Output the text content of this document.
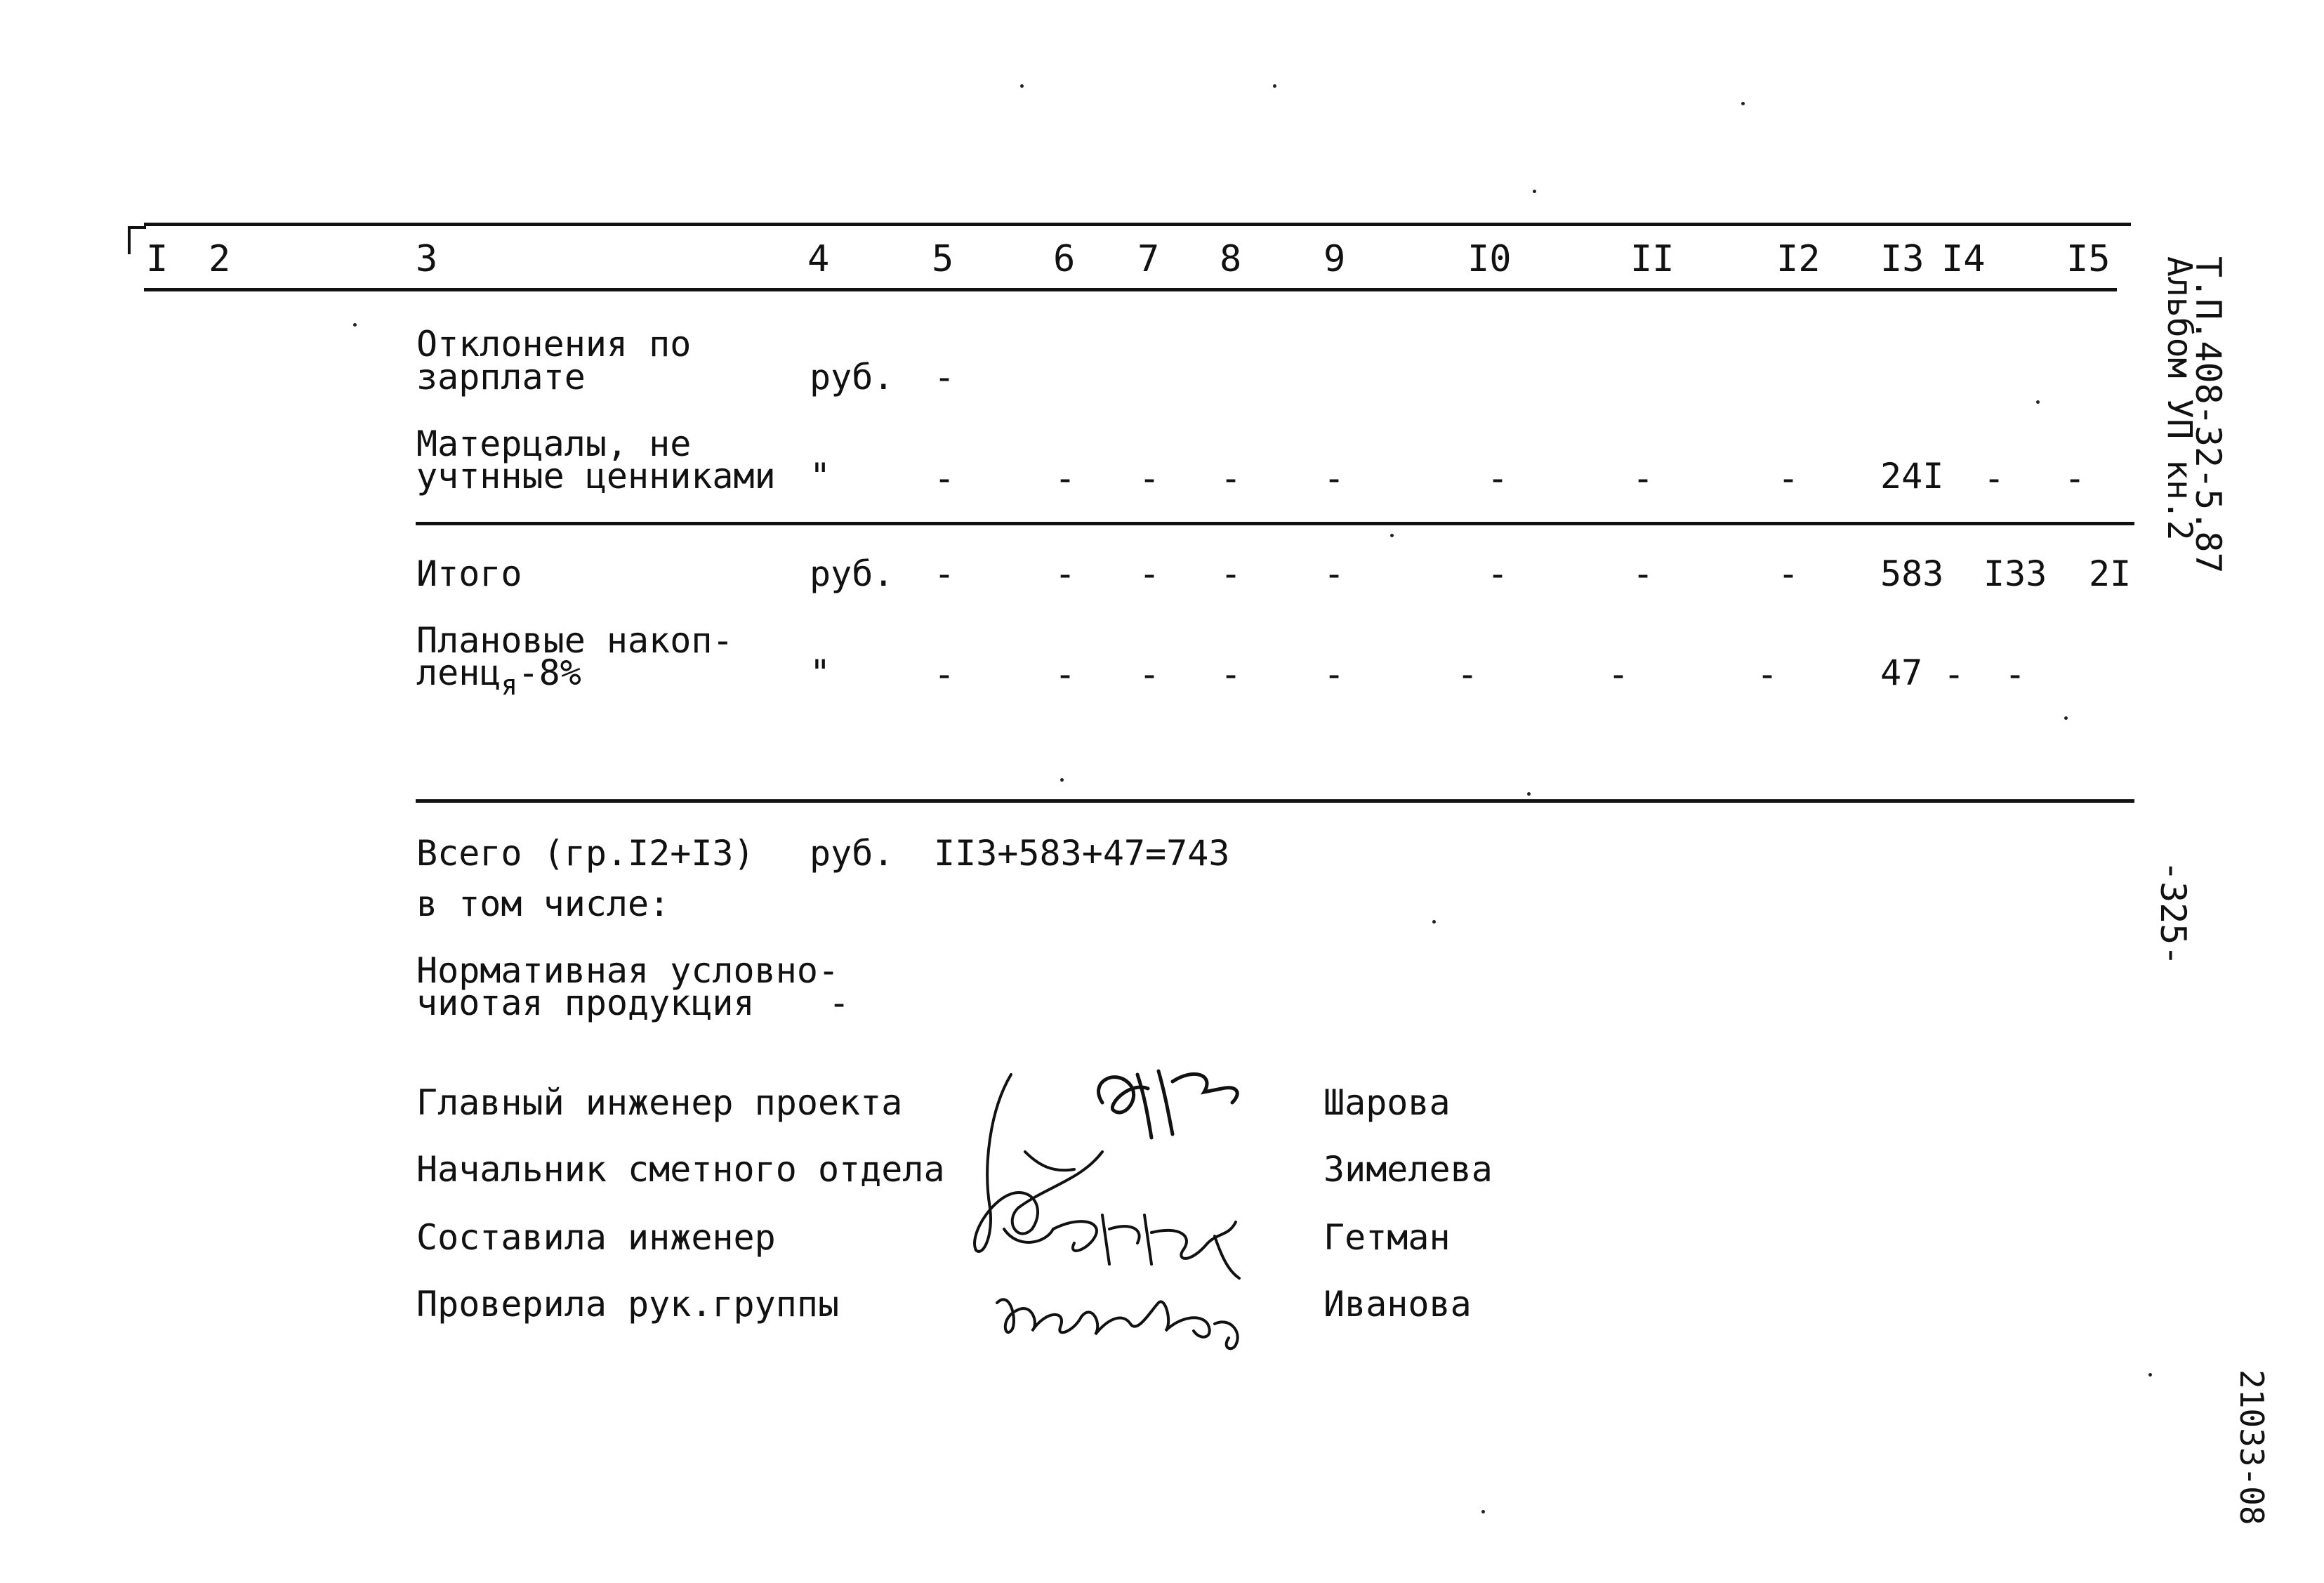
I 2	3	4	5	6 7 8 9	I0	II	I2 I3 I4 I5
Отклонения по
зарплате	руб. -
Матерцалы, не
учтнные ценниками "	-	- - - -	-	-	- 24I - -
Итого	руб. -	- - - -	-	-	- 583 I33 2I
Плановые накоп-
ленц$_я$-8%	"	-	- - - -	-	-	-	47 - -
Всего (гр.I2+I3) руб. II3+583+47=743
в том числе:
Нормативная условно-
чиотая продукция -
Главный инженер проекта
Начальник сметного отдела
Составила инженер
Проверила рук.группы
Шарова
Зимелева
Гетман
Иванова
Т.П.408-32-5.87
Альбом УП кн.2
-325-
21033-08
